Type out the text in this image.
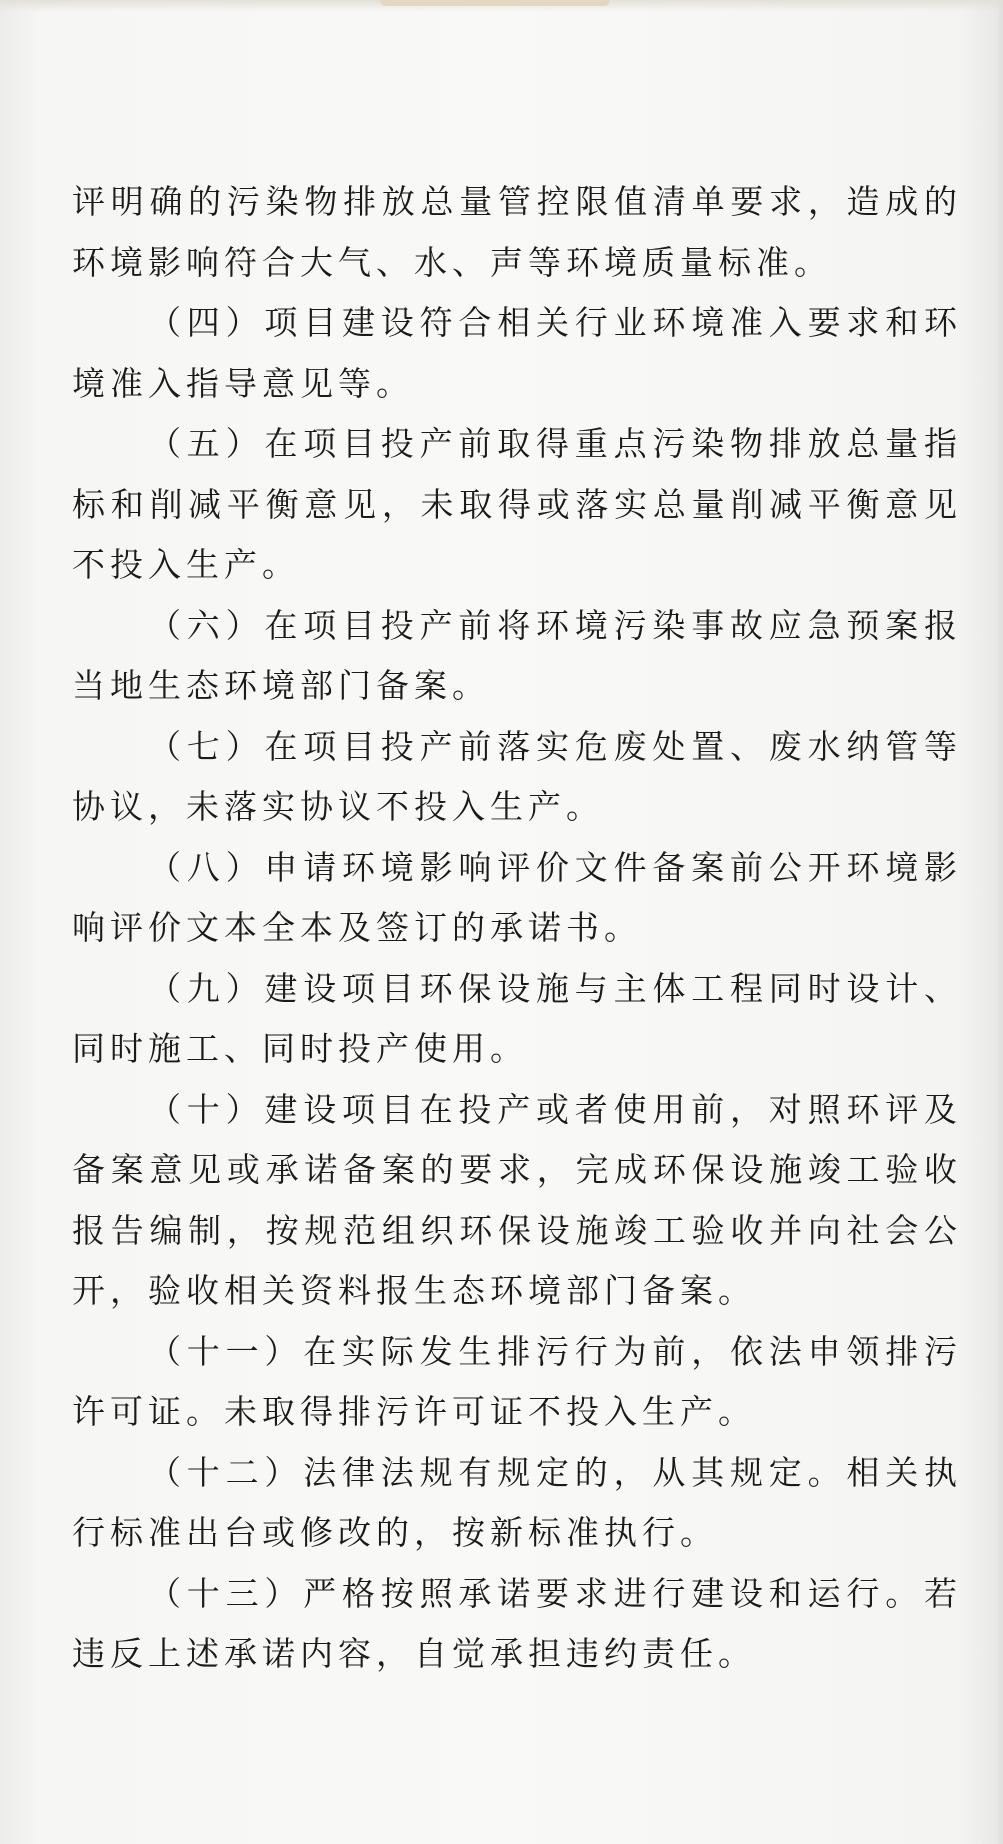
评明确的污染物排放总量管控限值清单要求，造成的环境影响符合大气、水、声等环境质量标准。

（四）项目建设符合相关行业环境准入要求和环境准入指导意见等。

（五）在项目投产前取得重点污染物排放总量指标和削减平衡意见，未取得或落实总量削减平衡意见不投入生产。

（六）在项目投产前将环境污染事故应急预案报当地生态环境部门备案。

（七）在项目投产前落实危废处置、废水纳管等协议，未落实协议不投入生产。

（八）申请环境影响评价文件备案前公开环境影响评价文本全本及签订的承诺书。

（九）建设项目环保设施与主体工程同时设计、同时施工、同时投产使用。

（十）建设项目在投产或者使用前，对照环评及备案意见或承诺备案的要求，完成环保设施竣工验收报告编制，按规范组织环保设施竣工验收并向社会公开，验收相关资料报生态环境部门备案。

（十一）在实际发生排污行为前，依法申领排污许可证。未取得排污许可证不投入生产。

（十二）法律法规有规定的，从其规定。相关执行标准出台或修改的，按新标准执行。

（十三）严格按照承诺要求进行建设和运行。若违反上述承诺内容，自觉承担违约责任。
